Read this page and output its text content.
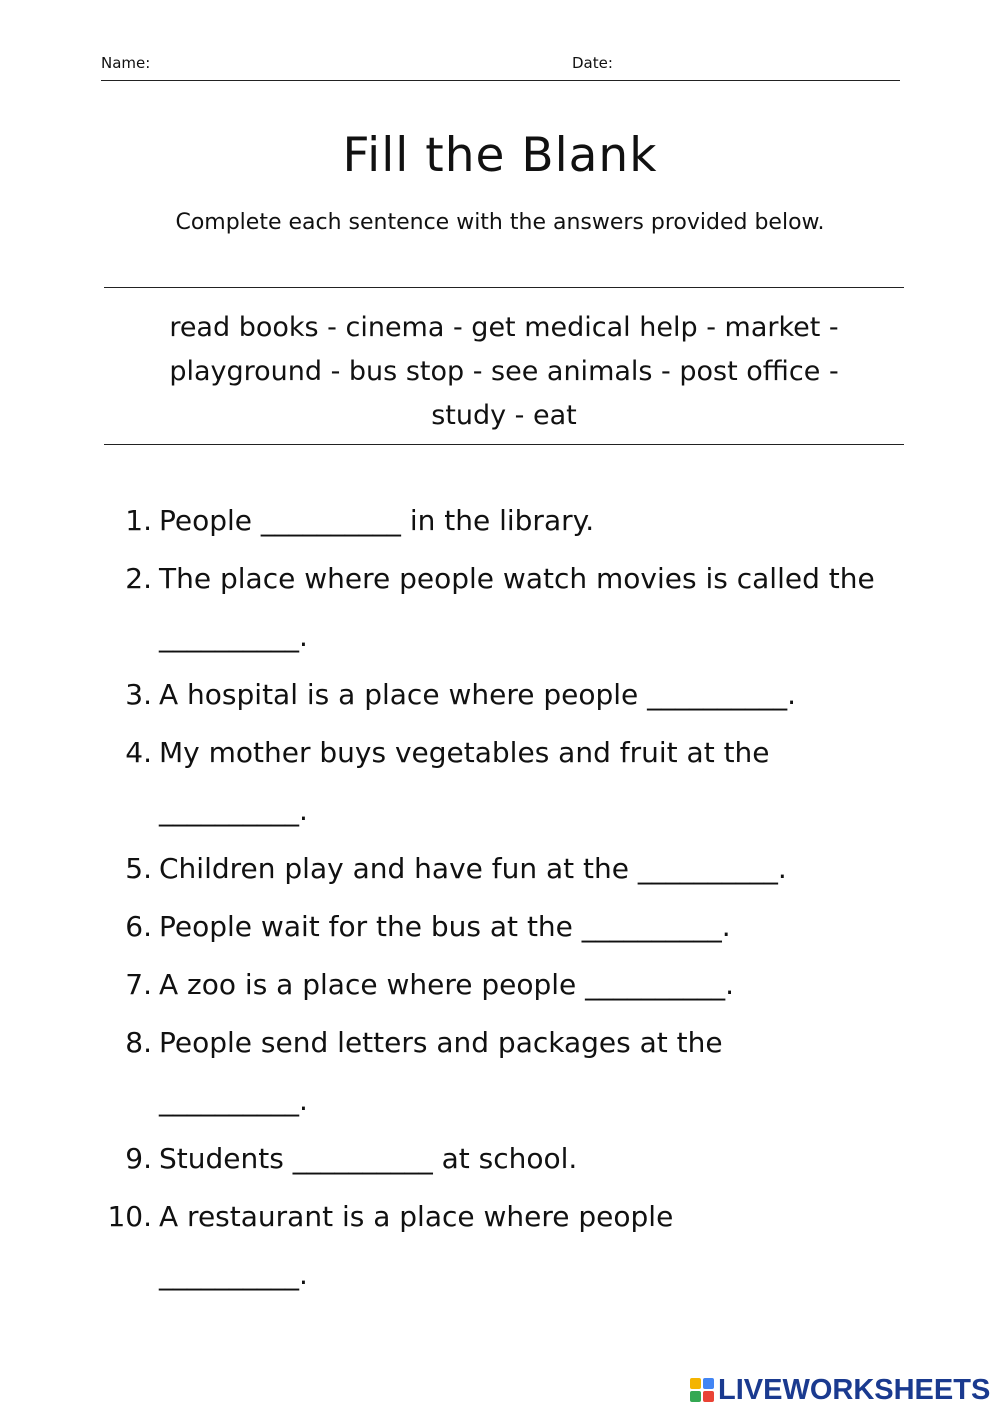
Name:	Date:
Fill the Blank
Complete each sentence with the answers provided below.
read books - cinema - get medical help - market -
playground - bus stop - see animals - post office -
study - eat
1. People __________ in the library.
2. The place where people watch movies is called the
__________.
3. A hospital is a place where people __________.
4. My mother buys vegetables and fruit at the
__________.
5. Children play and have fun at the __________.
6. People wait for the bus at the __________.
7. A zoo is a place where people __________.
8. People send letters and packages at the
__________.
9. Students __________ at school.
10. A restaurant is a place where people
__________.
LIVEWORKSHEETS
